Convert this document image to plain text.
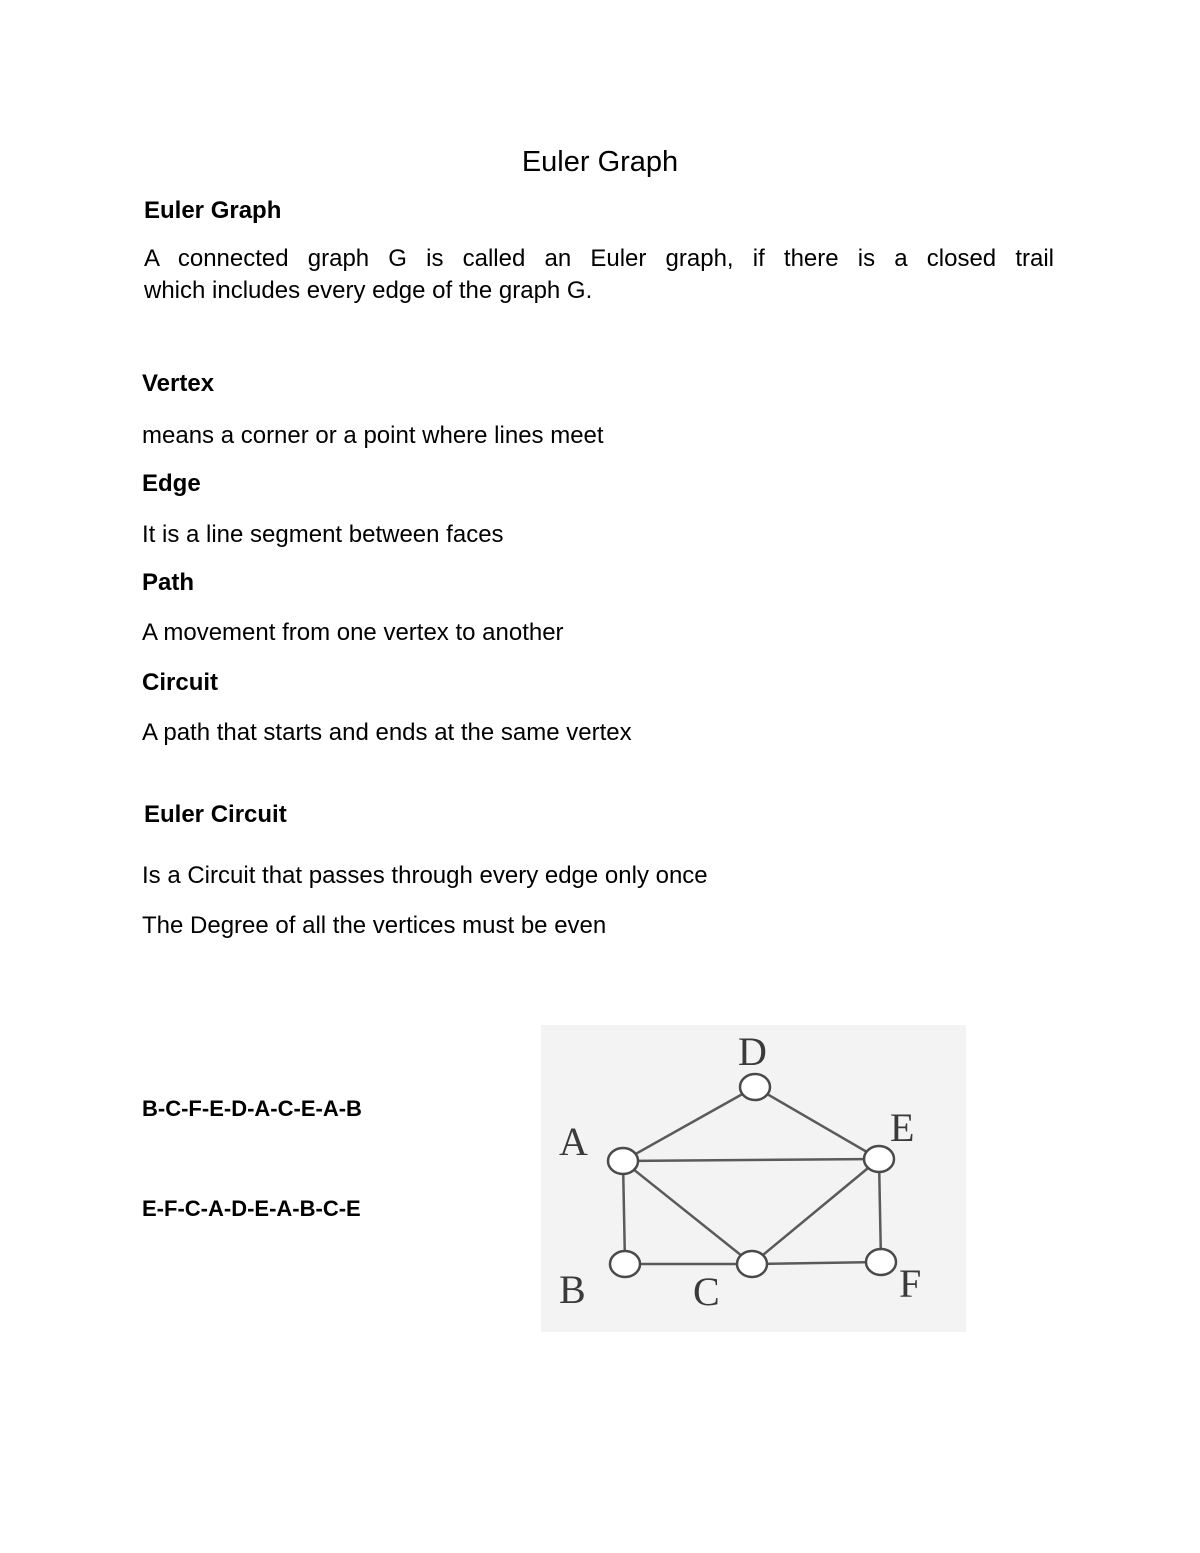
Euler Graph
Euler Graph
A connected graph G is called an Euler graph, if there is a closed trail
which includes every edge of the graph G.
Vertex
means a corner or a point where lines meet
Edge
It is a line segment between faces
Path
A movement from one vertex to another
Circuit
A path that starts and ends at the same vertex
Euler Circuit
Is a Circuit that passes through every edge only once
The Degree of all the vertices must be even
B-C-F-E-D-A-C-E-A-B
E-F-C-A-D-E-A-B-C-E
D
A	E
B	C	F
